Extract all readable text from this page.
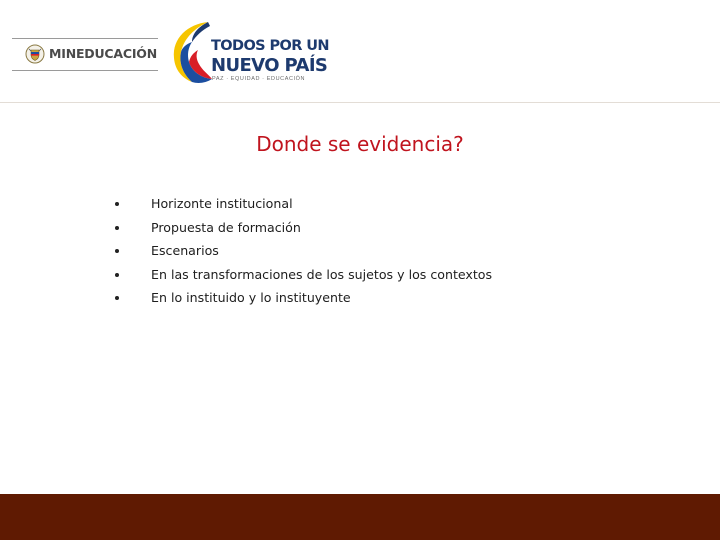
MINEDUCACIÓN	TODOS POR UN
NUEVO PAÍS
PAZ · EQUIDAD · EDUCACIÓN
Donde se evidencia?
Horizonte institucional
Propuesta de formación
Escenarios
En las transformaciones de los sujetos y los contextos
En lo instituido y lo instituyente
